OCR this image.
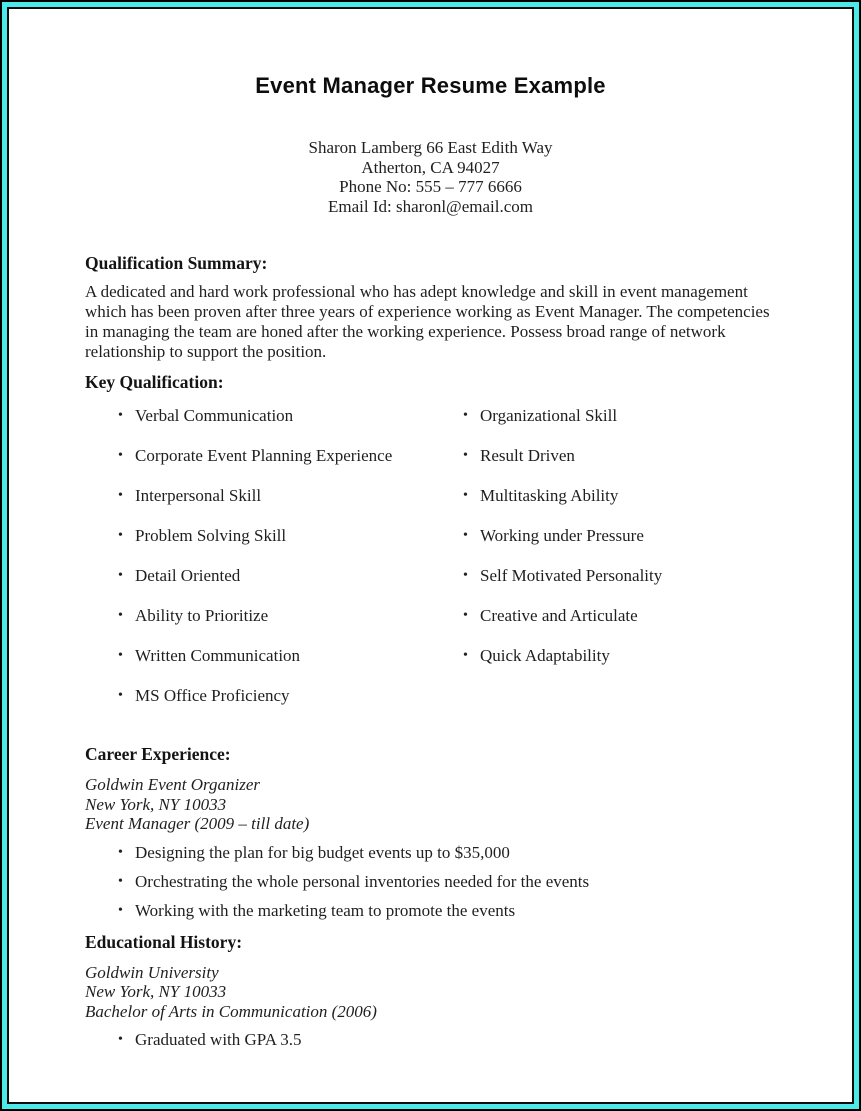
Event Manager Resume Example
Sharon Lamberg 66 East Edith Way
Atherton, CA 94027
Phone No: 555 – 777 6666
Email Id: sharonl@email.com
Qualification Summary:

A dedicated and hard work professional who has adept knowledge and skill in event management which has been proven after three years of experience working as Event Manager. The competencies in managing the team are honed after the working experience. Possess broad range of network relationship to support the position.

Key Qualification:
• Verbal Communication
• Corporate Event Planning Experience
• Interpersonal Skill
• Problem Solving Skill
• Detail Oriented
• Ability to Prioritize
• Written Communication
• MS Office Proficiency
• Organizational Skill
• Result Driven
• Multitasking Ability
• Working under Pressure
• Self Motivated Personality
• Creative and Articulate
• Quick Adaptability
Career Experience:
Goldwin Event Organizer
New York, NY 10033
Event Manager (2009 – till date)
• Designing the plan for big budget events up to $35,000
• Orchestrating the whole personal inventories needed for the events
• Working with the marketing team to promote the events
Educational History:
Goldwin University
New York, NY 10033
Bachelor of Arts in Communication (2006)
• Graduated with GPA 3.5
